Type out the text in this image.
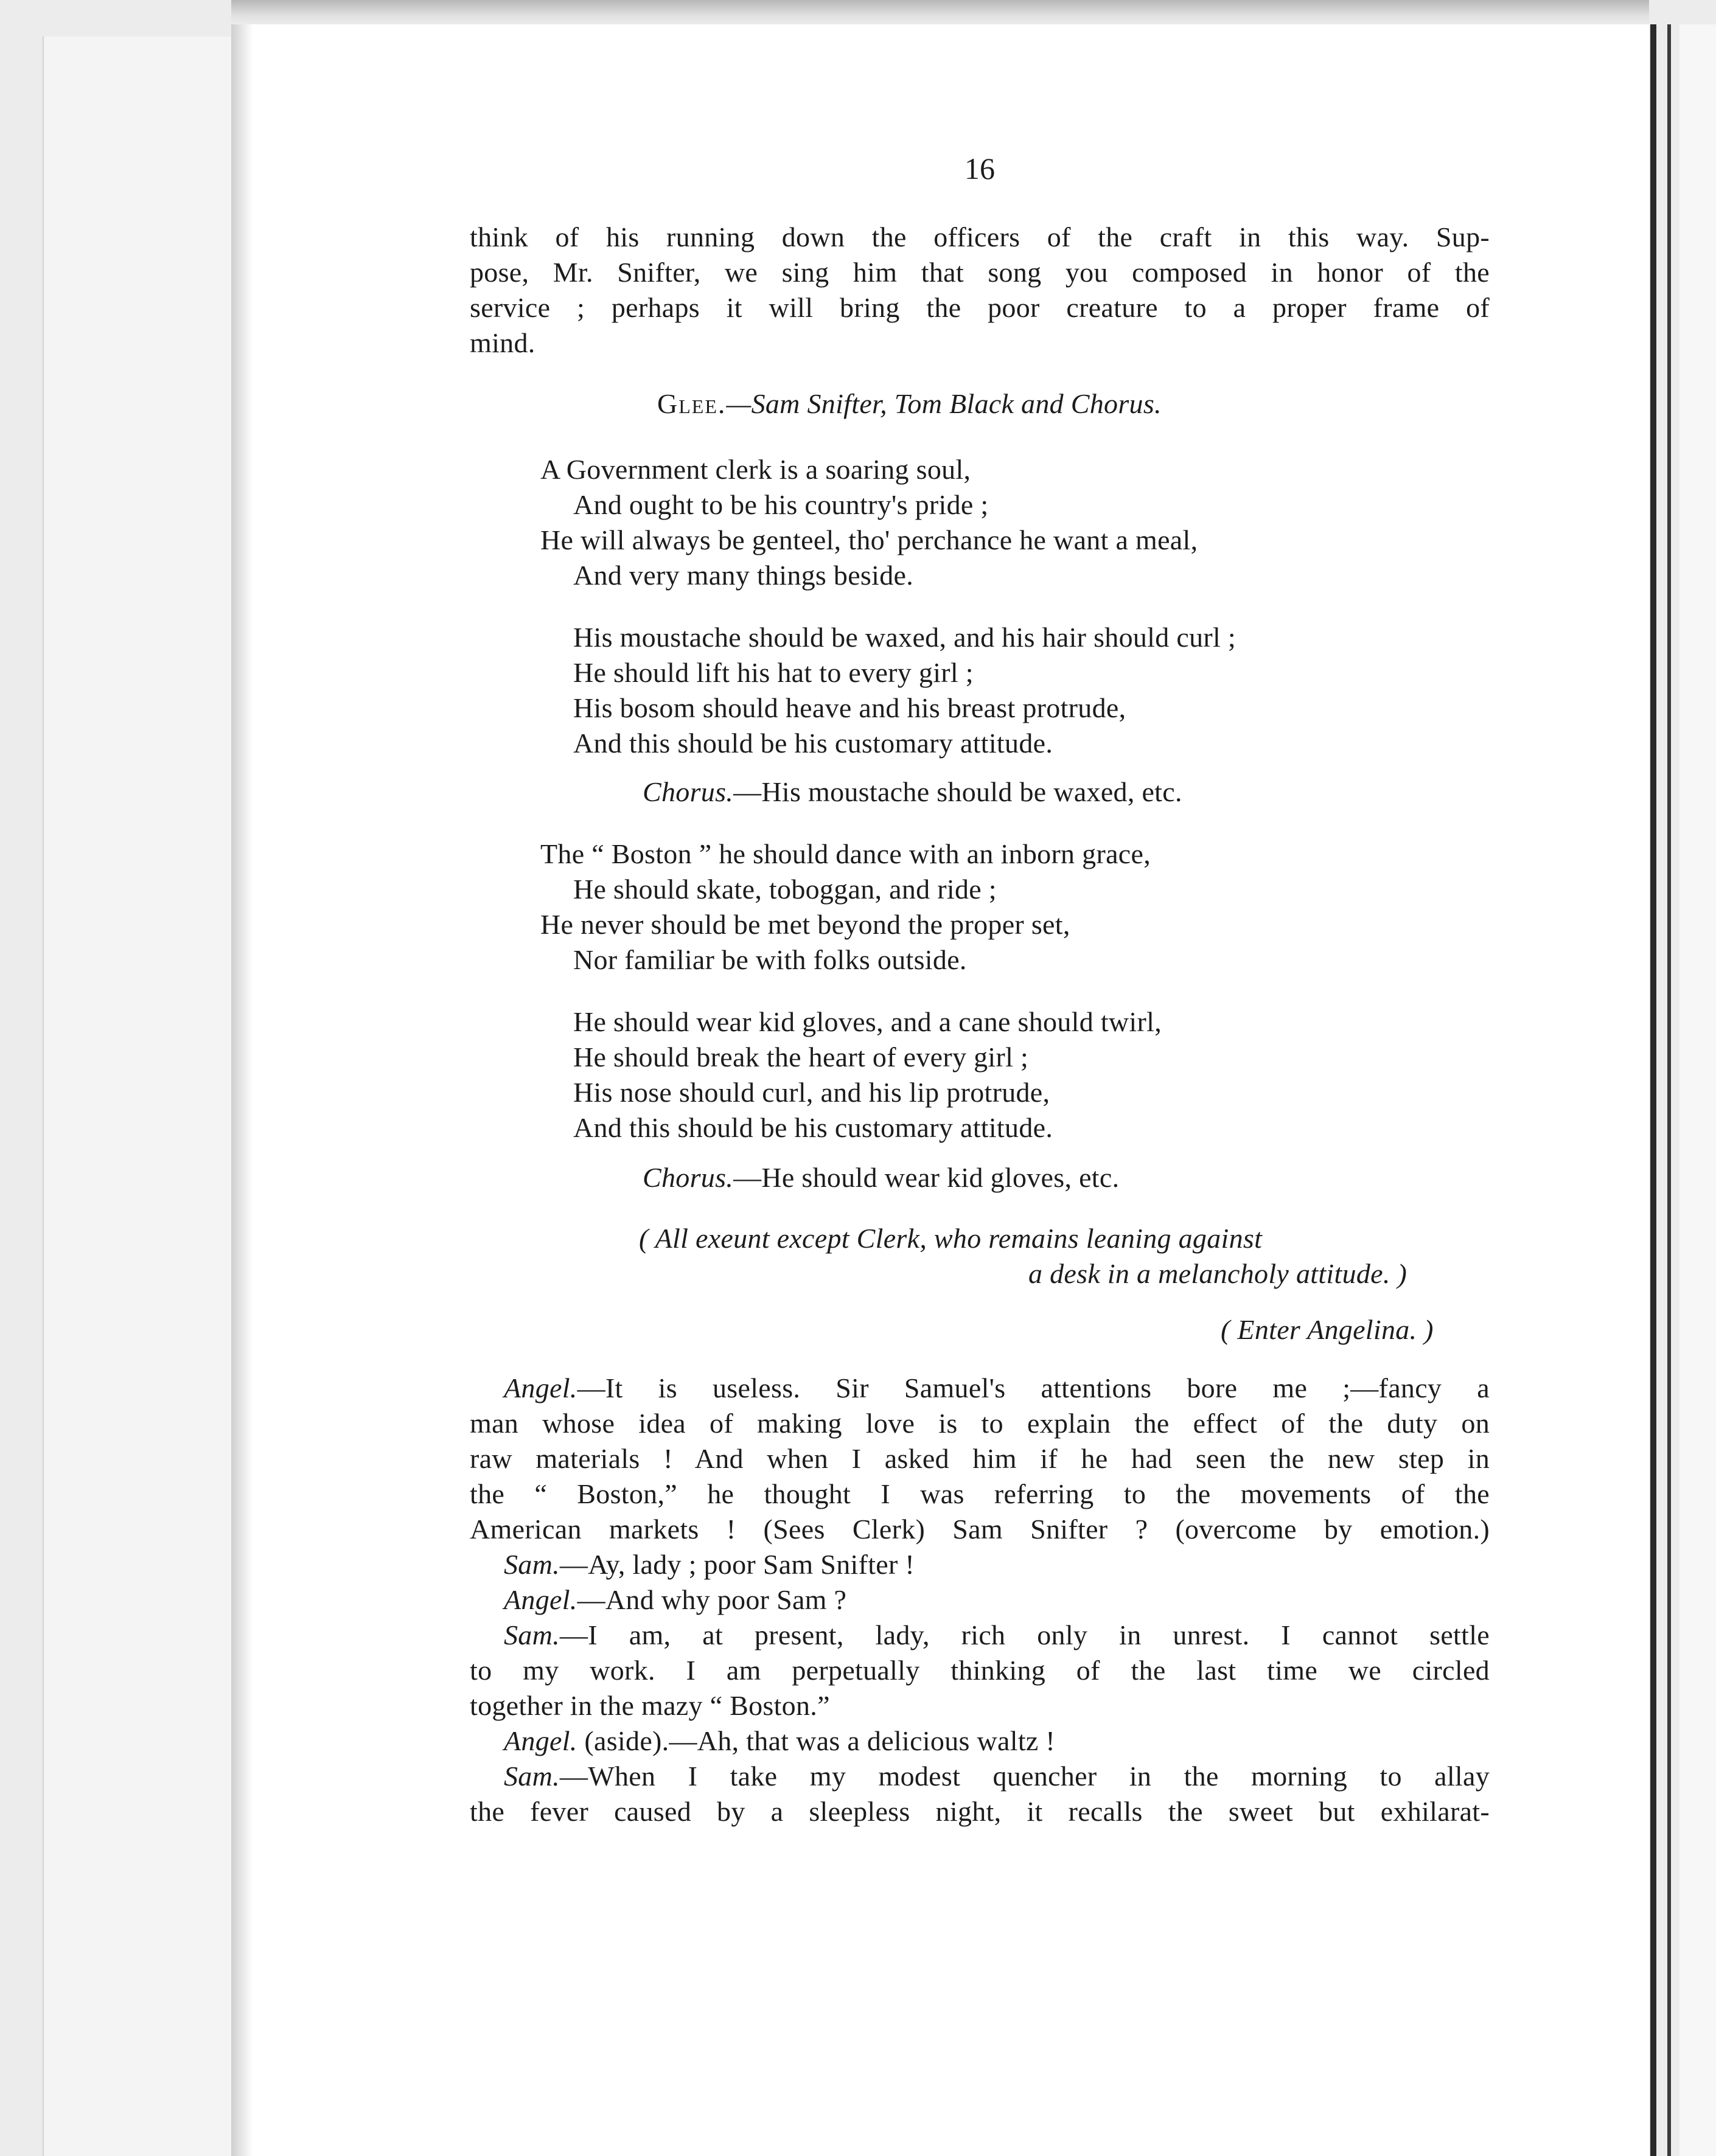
16
think of his running down the officers of the craft in this way. Sup-
pose, Mr. Snifter, we sing him that song you composed in honor of the
service ; perhaps it will bring the poor creature to a proper frame of
mind.
Glee.—Sam Snifter, Tom Black and Chorus.
A Government clerk is a soaring soul,
And ought to be his country's pride ;
He will always be genteel, tho' perchance he want a meal,
And very many things beside.
His moustache should be waxed, and his hair should curl ;
He should lift his hat to every girl ;
His bosom should heave and his breast protrude,
And this should be his customary attitude.
Chorus.—His moustache should be waxed, etc.
The “ Boston ” he should dance with an inborn grace,
He should skate, toboggan, and ride ;
He never should be met beyond the proper set,
Nor familiar be with folks outside.
He should wear kid gloves, and a cane should twirl,
He should break the heart of every girl ;
His nose should curl, and his lip protrude,
And this should be his customary attitude.
Chorus.—He should wear kid gloves, etc.
( All exeunt except Clerk, who remains leaning against
a desk in a melancholy attitude. )
( Enter Angelina. )
Angel.—It is useless. Sir Samuel's attentions bore me ;—fancy a
man whose idea of making love is to explain the effect of the duty on
raw materials ! And when I asked him if he had seen the new step in
the “ Boston,” he thought I was referring to the movements of the
American markets ! (Sees Clerk) Sam Snifter ? (overcome by emotion.)
Sam.—Ay, lady ; poor Sam Snifter !
Angel.—And why poor Sam ?
Sam.—I am, at present, lady, rich only in unrest. I cannot settle
to my work. I am perpetually thinking of the last time we circled
together in the mazy “ Boston.”
Angel. (aside).—Ah, that was a delicious waltz !
Sam.—When I take my modest quencher in the morning to allay
the fever caused by a sleepless night, it recalls the sweet but exhilarat-
